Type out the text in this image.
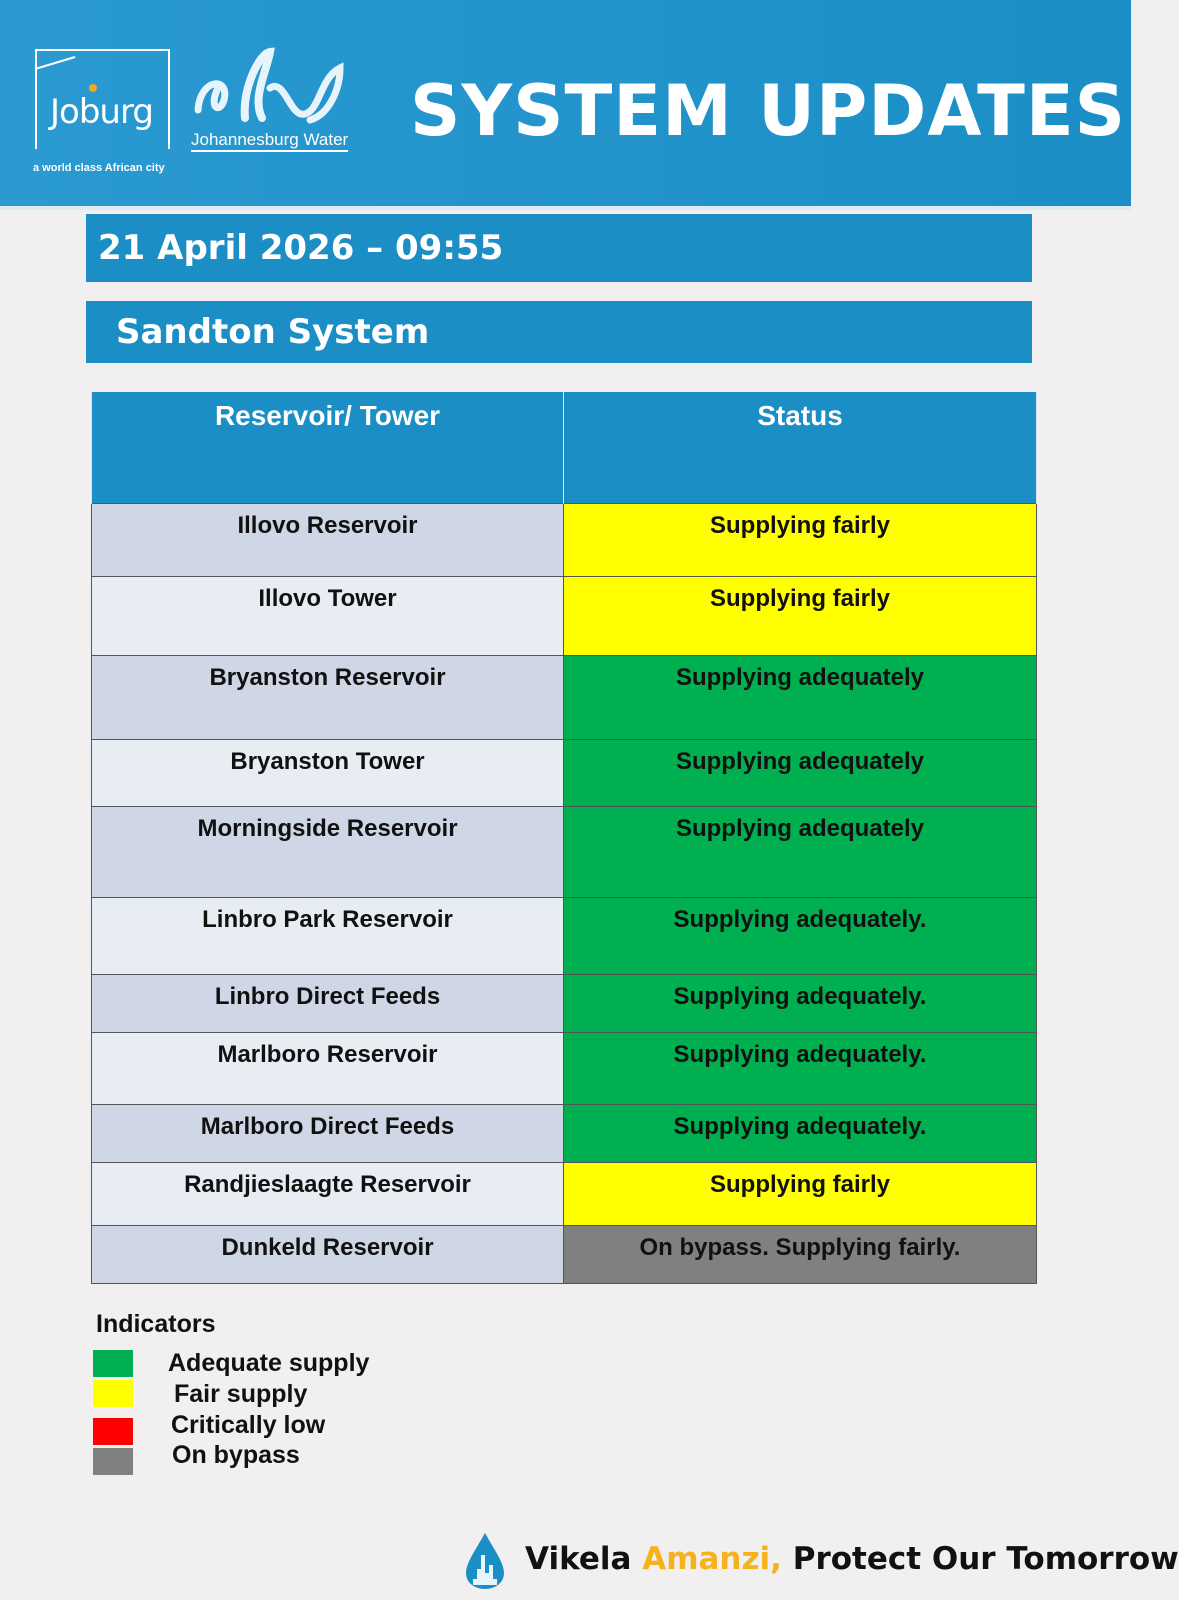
Joburg
a world class African city
Johannesburg Water SYSTEM UPDATES
21 April 2026 – 09:55
Sandton System
Reservoir/ Tower	Status
Illovo Reservoir	Supplying fairly
Illovo Tower	Supplying fairly
Bryanston Reservoir	Supplying adequately
Bryanston Tower	Supplying adequately
Morningside Reservoir	Supplying adequately
Linbro Park Reservoir	Supplying adequately.
Linbro Direct Feeds	Supplying adequately.
Marlboro Reservoir	Supplying adequately.
Marlboro Direct Feeds	Supplying adequately.
Randjieslaagte Reservoir	Supplying fairly
Dunkeld Reservoir	On bypass. Supplying fairly.
Indicators
Adequate supply
Fair supply
Critically low
On bypass
Vikela Amanzi, Protect Our Tomorrow
